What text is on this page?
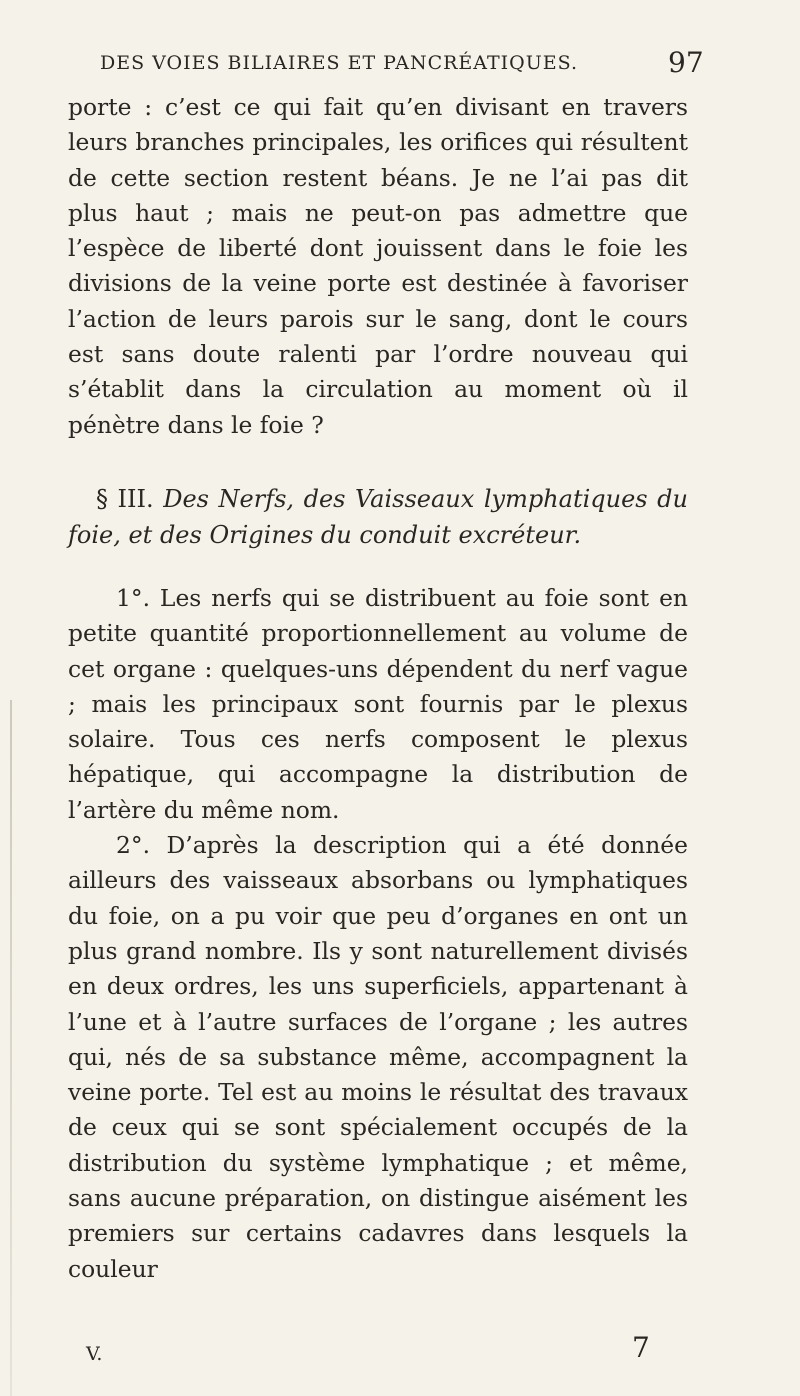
DES VOIES BILIAIRES ET PANCRÉATIQUES.	97

porte : c’est ce qui fait qu’en divisant en travers leurs branches principales, les orifices qui résultent de cette section restent béans. Je ne l’ai pas dit plus haut ; mais ne peut-on pas admettre que l’espèce de liberté dont jouissent dans le foie les divisions de la veine porte est destinée à favoriser l’action de leurs parois sur le sang, dont le cours est sans doute ralenti par l’ordre nouveau qui s’établit dans la circulation au moment où il pénètre dans le foie ?

§ III. Des Nerfs, des Vaisseaux lymphatiques du foie, et des Origines du conduit excréteur.

1°. Les nerfs qui se distribuent au foie sont en petite quantité proportionnellement au volume de cet organe : quelques-uns dépendent du nerf vague ; mais les principaux sont fournis par le plexus solaire. Tous ces nerfs composent le plexus hépatique, qui accompagne la distribution de l’artère du même nom.

2°. D’après la description qui a été donnée ailleurs des vaisseaux absorbans ou lymphatiques du foie, on a pu voir que peu d’organes en ont un plus grand nombre. Ils y sont naturellement divisés en deux ordres, les uns superficiels, appartenant à l’une et à l’autre surfaces de l’organe ; les autres qui, nés de sa substance même, accompagnent la veine porte. Tel est au moins le résultat des travaux de ceux qui se sont spécialement occupés de la distribution du système lymphatique ; et même, sans aucune préparation, on distingue aisément les premiers sur certains cadavres dans lesquels la couleur

V.	7
